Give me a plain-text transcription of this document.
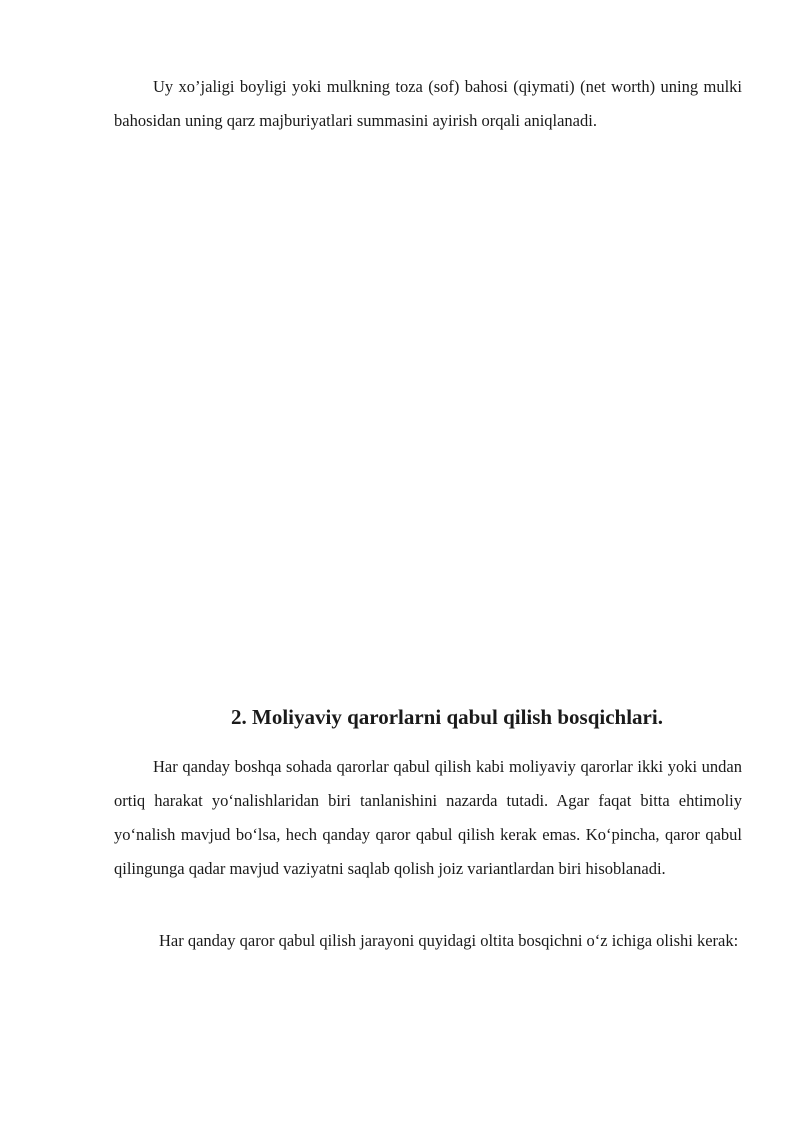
Uy xo’jaligi boyligi yoki mulkning toza (sof) bahosi (qiymati) (net worth) uning mulki bahosidan uning qarz majburiyatlari summasini ayirish orqali aniqlanadi.

2. Moliyaviy qarorlarni qabul qilish bosqichlari.

Har qanday boshqa sohada qarorlar qabul qilish kabi moliyaviy qarorlar ikki yoki undan ortiq harakat yo‘nalishlaridan biri tanlanishini nazarda tutadi. Agar faqat bitta ehtimoliy yo‘nalish mavjud bo‘lsa, hech qanday qaror qabul qilish kerak emas. Ko‘pincha, qaror qabul qilingunga qadar mavjud vaziyatni saqlab qolish joiz variantlardan biri hisoblanadi.

Har qanday qaror qabul qilish jarayoni quyidagi oltita bosqichni o‘z ichiga olishi kerak:
